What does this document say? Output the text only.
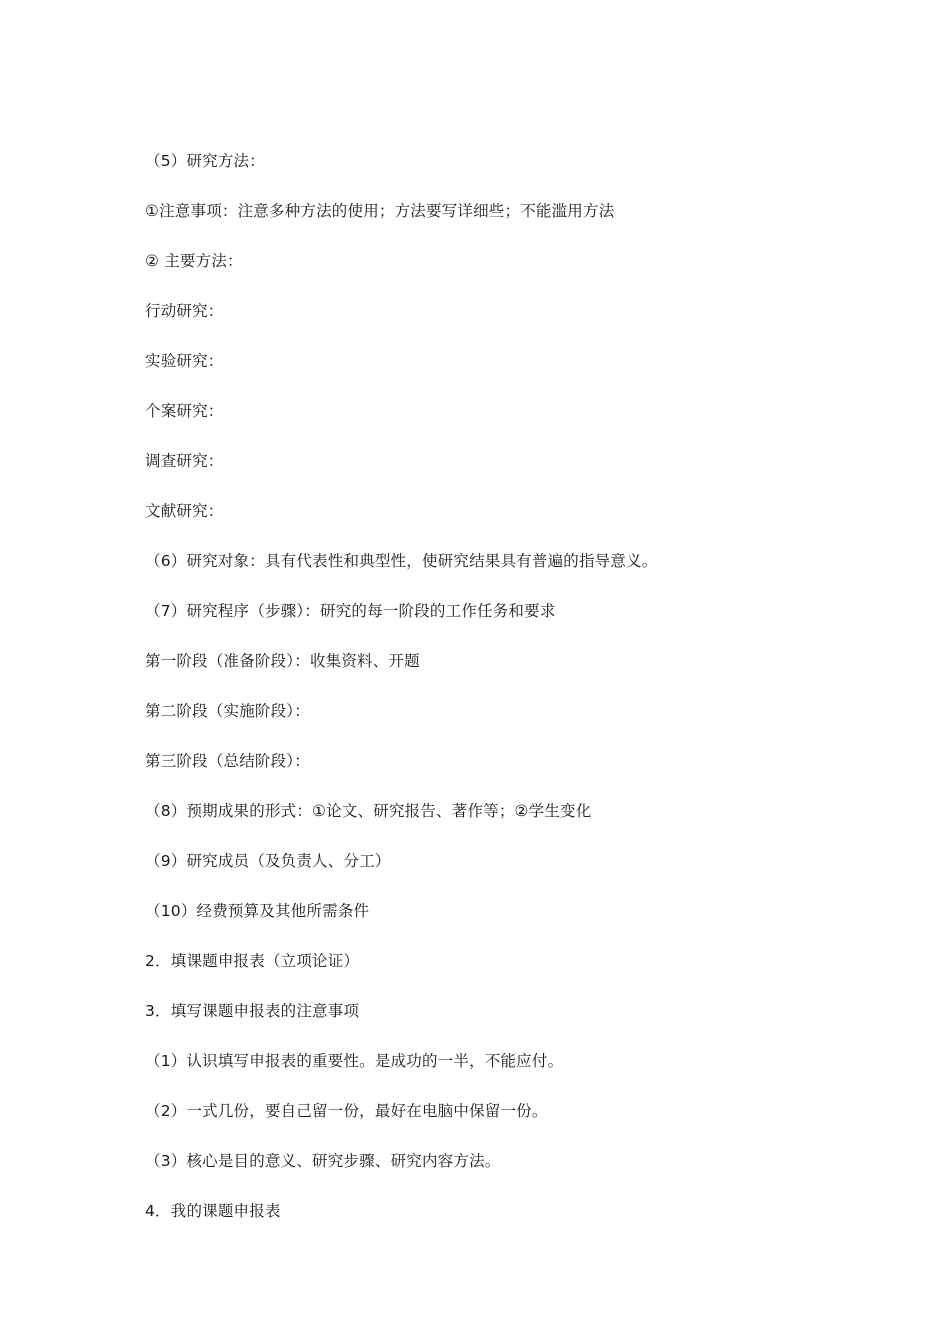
（5）研究方法：
①注意事项：注意多种方法的使用；方法要写详细些；不能滥用方法
② 主要方法：
行动研究：
实验研究：
个案研究：
调查研究：
文献研究：
（6）研究对象：具有代表性和典型性，使研究结果具有普遍的指导意义。
（7）研究程序（步骤）：研究的每一阶段的工作任务和要求
第一阶段（准备阶段）：收集资料、开题
第二阶段（实施阶段）：
第三阶段（总结阶段）：
（8）预期成果的形式：①论文、研究报告、著作等；②学生变化
（9）研究成员（及负责人、分工）
（10）经费预算及其他所需条件
2．填课题申报表（立项论证）
3．填写课题申报表的注意事项
（1）认识填写申报表的重要性。是成功的一半，不能应付。
（2）一式几份，要自己留一份，最好在电脑中保留一份。
（3）核心是目的意义、研究步骤、研究内容方法。
4．我的课题申报表
